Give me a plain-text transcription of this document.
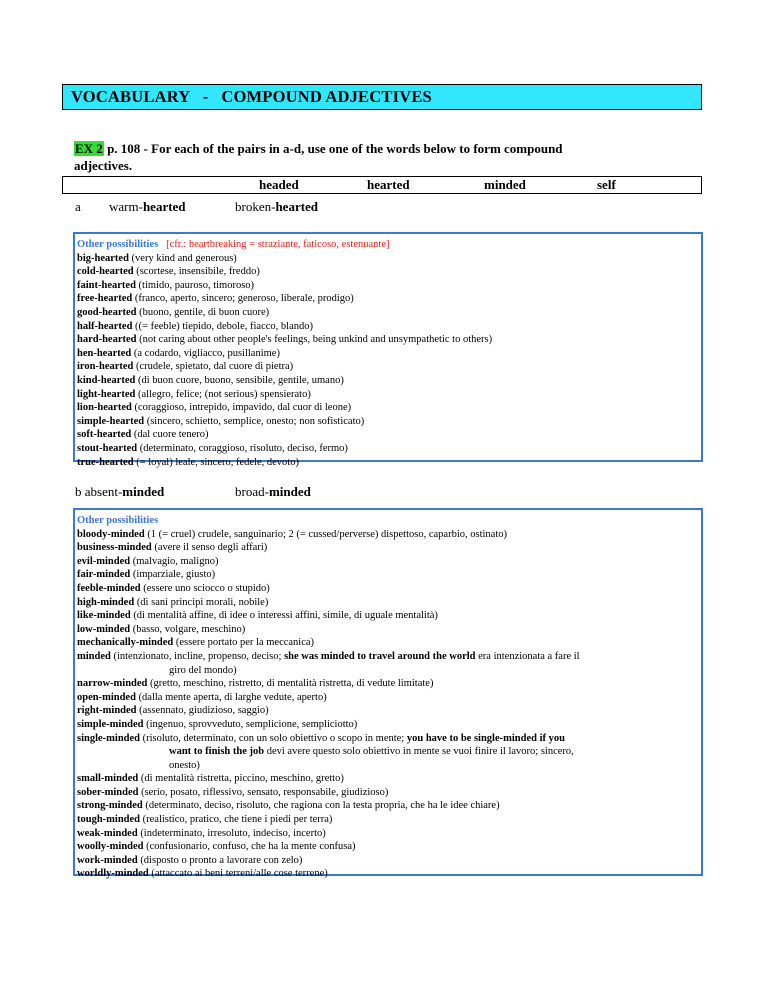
VOCABULARY   -   COMPOUND ADJECTIVES
EX 2 p. 108 - For each of the pairs in a-d, use one of the words below to form compound
adjectives.
headed	hearted	minded	self
a warm-hearted	broken-hearted
Other possibilities [cfr.: heartbreaking = straziante, faticoso, estenuante]
big-hearted (very kind and generous)
cold-hearted (scortese, insensibile, freddo)
faint-hearted (timido, pauroso, timoroso)
free-hearted (franco, aperto, sincero; generoso, liberale, prodigo)
good-hearted (buono, gentile, di buon cuore)
half-hearted ((= feeble) tiepido, debole, fiacco, blando)
hard-hearted (not caring about other people's feelings, being unkind and unsympathetic to others)
hen-hearted (a codardo, vigliacco, pusillanime)
iron-hearted (crudele, spietato, dal cuore di pietra)
kind-hearted (di buon cuore, buono, sensibile, gentile, umano)
light-hearted (allegro, felice; (not serious) spensierato)
lion-hearted (coraggioso, intrepido, impavido, dal cuor di leone)
simple-hearted (sincero, schietto, semplice, onesto; non sofisticato)
soft-hearted (dal cuore tenero)
stout-hearted (determinato, coraggioso, risoluto, deciso, fermo)
true-hearted (= loyal) leale, sincero, fedele, devoto)
b absent-minded	broad-minded
Other possibilities
bloody-minded (1 (= cruel) crudele, sanguinario; 2 (= cussed/perverse) dispettoso, caparbio, ostinato)
business-minded (avere il senso degli affari)
evil-minded (malvagio, maligno)
fair-minded (imparziale, giusto)
feeble-minded (essere uno sciocco o stupido)
high-minded (di sani principi morali, nobile)
like-minded (di mentalità affine, di idee o interessi affini, simile, di uguale mentalità)
low-minded (basso, volgare, meschino)
mechanically-minded (essere portato per la meccanica)
minded (intenzionato, incline, propenso, deciso; she was minded to travel around the world era intenzionata a fare il
giro del mondo)
narrow-minded (gretto, meschino, ristretto, di mentalità ristretta, di vedute limitate)
open-minded (dalla mente aperta, di larghe vedute, aperto)
right-minded (assennato, giudizioso, saggio)
simple-minded (ingenuo, sprovveduto, semplicione, sempliciotto)
single-minded (risoluto, determinato, con un solo obiettivo o scopo in mente; you have to be single-minded if you
want to finish the job devi avere questo solo obiettivo in mente se vuoi finire il lavoro; sincero,
onesto)
small-minded (di mentalità ristretta, piccino, meschino, gretto)
sober-minded (serio, posato, riflessivo, sensato, responsabile, giudizioso)
strong-minded (determinato, deciso, risoluto, che ragiona con la testa propria, che ha le idee chiare)
tough-minded (realistico, pratico, che tiene i piedi per terra)
weak-minded (indeterminato, irresoluto, indeciso, incerto)
woolly-minded (confusionario, confuso, che ha la mente confusa)
work-minded (disposto o pronto a lavorare con zelo)
worldly-minded (attaccato ai beni terreni/alle cose terrene)
